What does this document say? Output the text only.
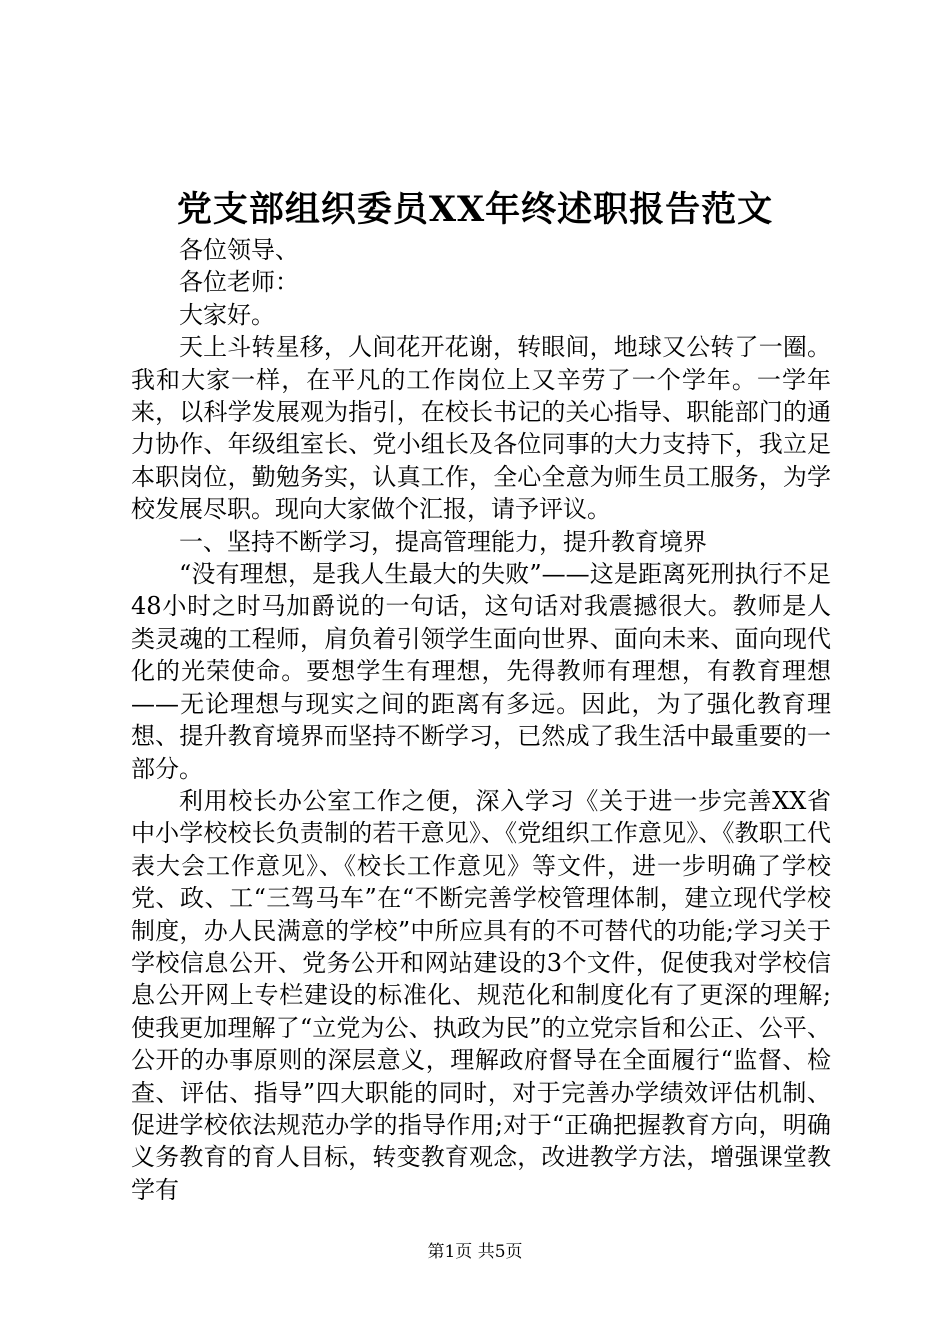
党支部组织委员XX年终述职报告范文

各位领导、

各位老师：

大家好。

天上斗转星移，人间花开花谢，转眼间，地球又公转了一圈。我和大家一样，在平凡的工作岗位上又辛劳了一个学年。一学年来，以科学发展观为指引，在校长书记的关心指导、职能部门的通力协作、年级组室长、党小组长及各位同事的大力支持下，我立足本职岗位，勤勉务实，认真工作，全心全意为师生员工服务，为学校发展尽职。现向大家做个汇报，请予评议。

一、坚持不断学习，提高管理能力，提升教育境界

“没有理想，是我人生最大的失败”——这是距离死刑执行不足48小时之时马加爵说的一句话，这句话对我震撼很大。教师是人类灵魂的工程师，肩负着引领学生面向世界、面向未来、面向现代化的光荣使命。要想学生有理想，先得教师有理想，有教育理想——无论理想与现实之间的距离有多远。因此，为了强化教育理想、提升教育境界而坚持不断学习，已然成了我生活中最重要的一部分。

利用校长办公室工作之便，深入学习《关于进一步完善XX省中小学校校长负责制的若干意见》、《党组织工作意见》、《教职工代表大会工作意见》、《校长工作意见》等文件，进一步明确了学校党、政、工“三驾马车”在“不断完善学校管理体制，建立现代学校制度，办人民满意的学校”中所应具有的不可替代的功能;学习关于学校信息公开、党务公开和网站建设的3个文件，促使我对学校信息公开网上专栏建设的标准化、规范化和制度化有了更深的理解;使我更加理解了“立党为公、执政为民”的立党宗旨和公正、公平、公开的办事原则的深层意义，理解政府督导在全面履行“监督、检查、评估、指导”四大职能的同时，对于完善办学绩效评估机制、促进学校依法规范办学的指导作用;对于“正确把握教育方向，明确义务教育的育人目标，转变教育观念，改进教学方法，增强课堂教学有

第1页 共5页
